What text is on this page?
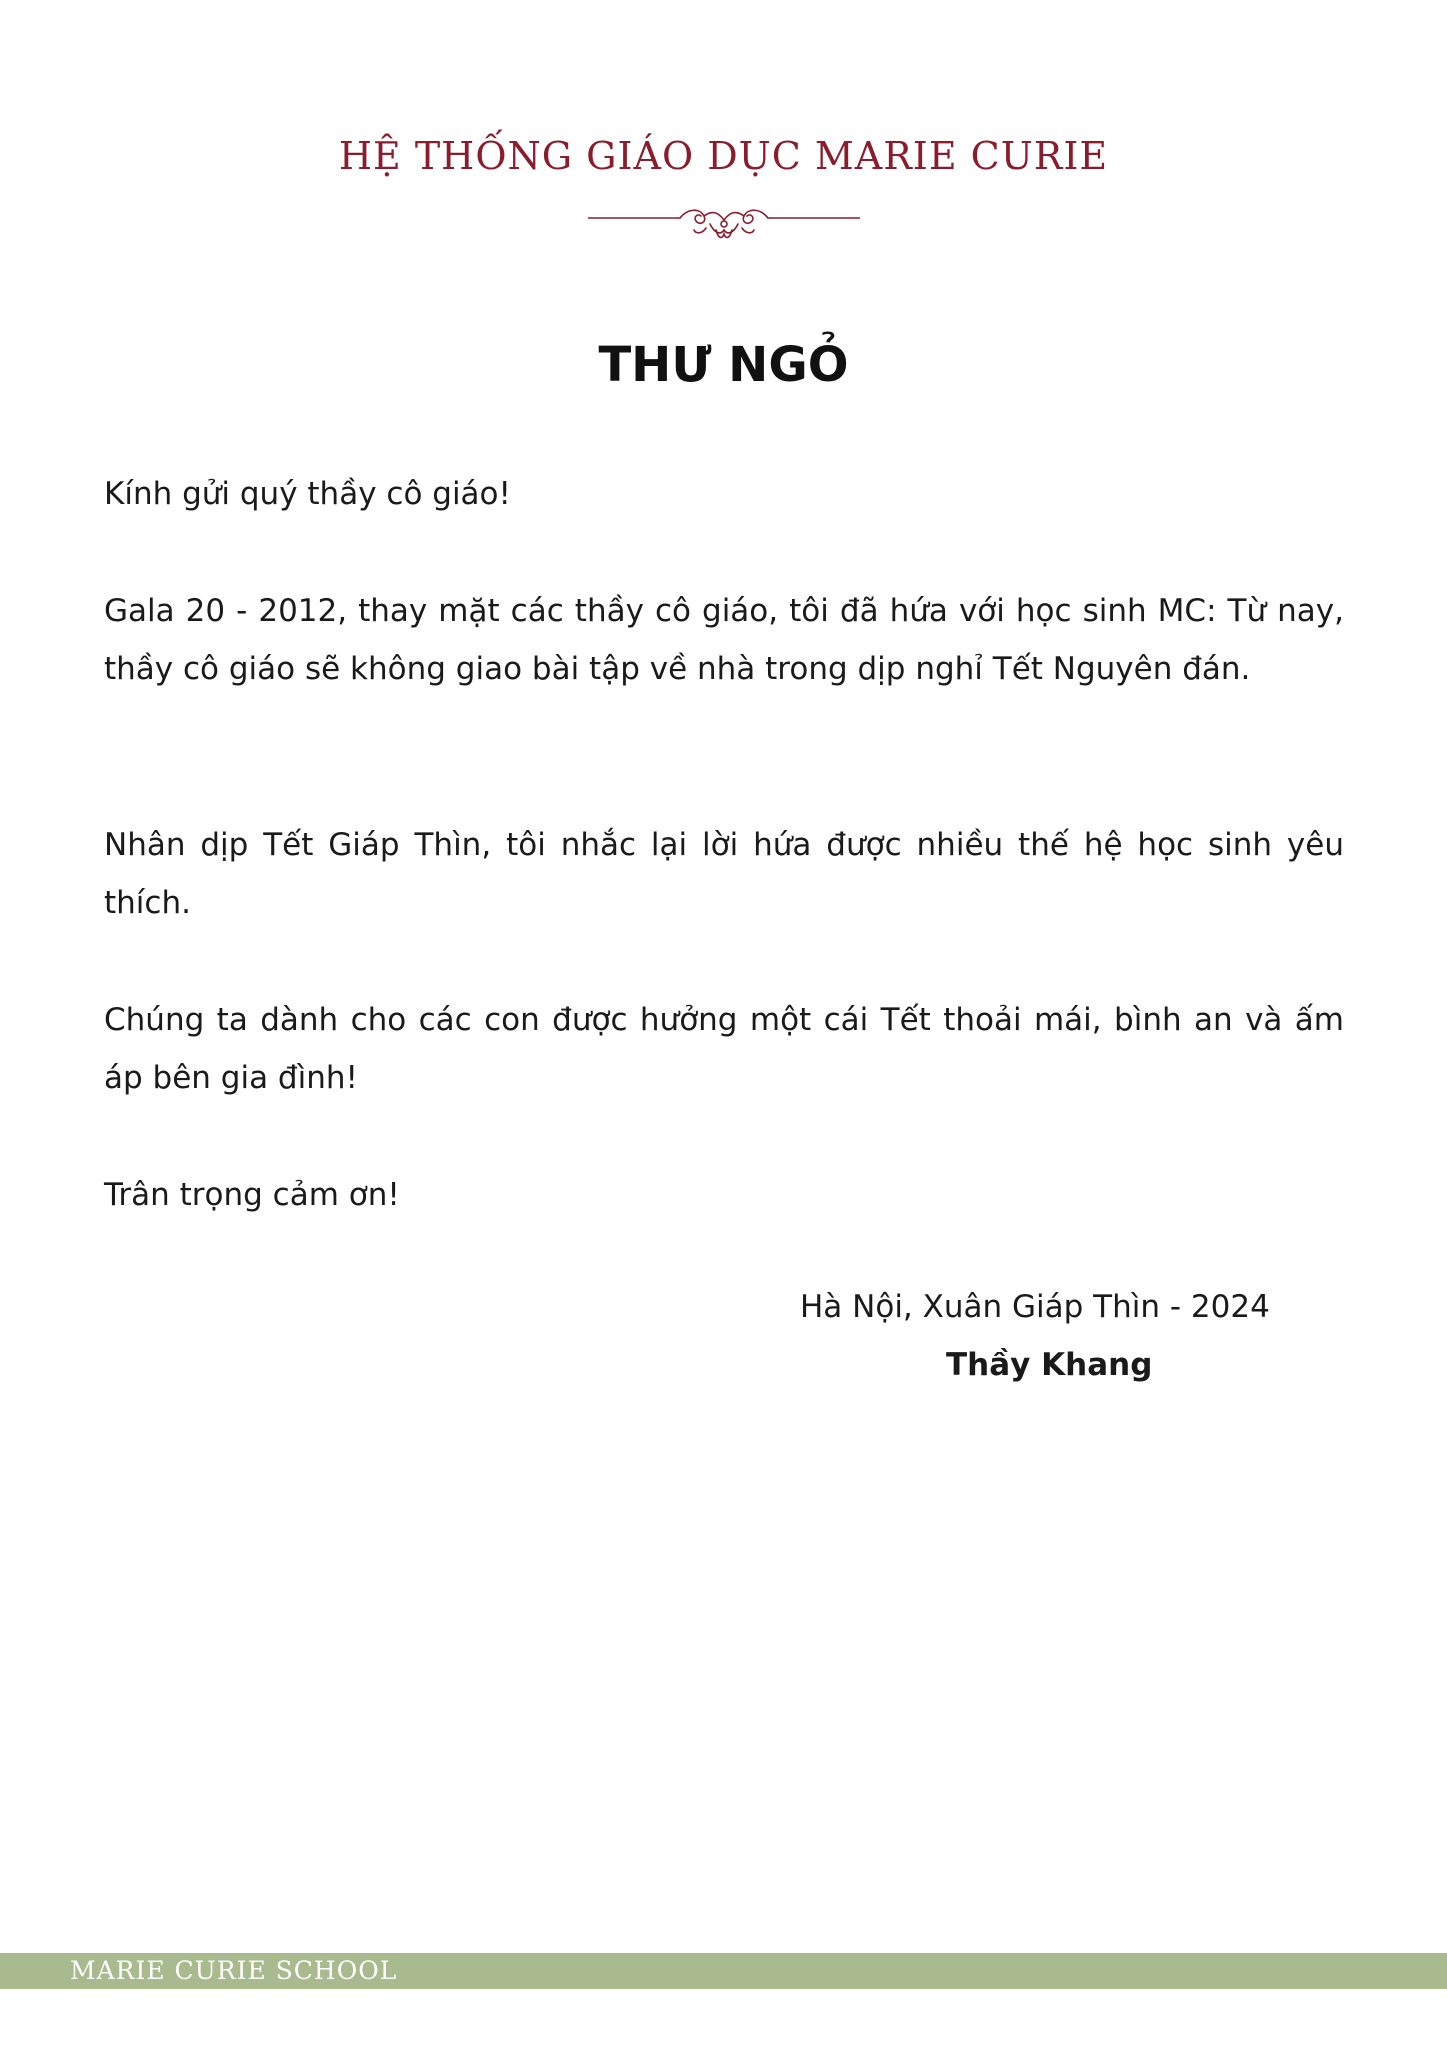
HỆ THỐNG GIÁO DỤC MARIE CURIE
THƯ NGỎ

Kính gửi quý thầy cô giáo!

Gala 20 - 2012, thay mặt các thầy cô giáo, tôi đã hứa với học sinh MC: Từ nay, thầy cô giáo sẽ không giao bài tập về nhà trong dịp nghỉ Tết Nguyên đán.

Nhân dịp Tết Giáp Thìn, tôi nhắc lại lời hứa được nhiều thế hệ học sinh yêu thích.

Chúng ta dành cho các con được hưởng một cái Tết thoải mái, bình an và ấm áp bên gia đình!

Trân trọng cảm ơn!

Hà Nội, Xuân Giáp Thìn - 2024
Thầy Khang
MARIE CURIE SCHOOL
